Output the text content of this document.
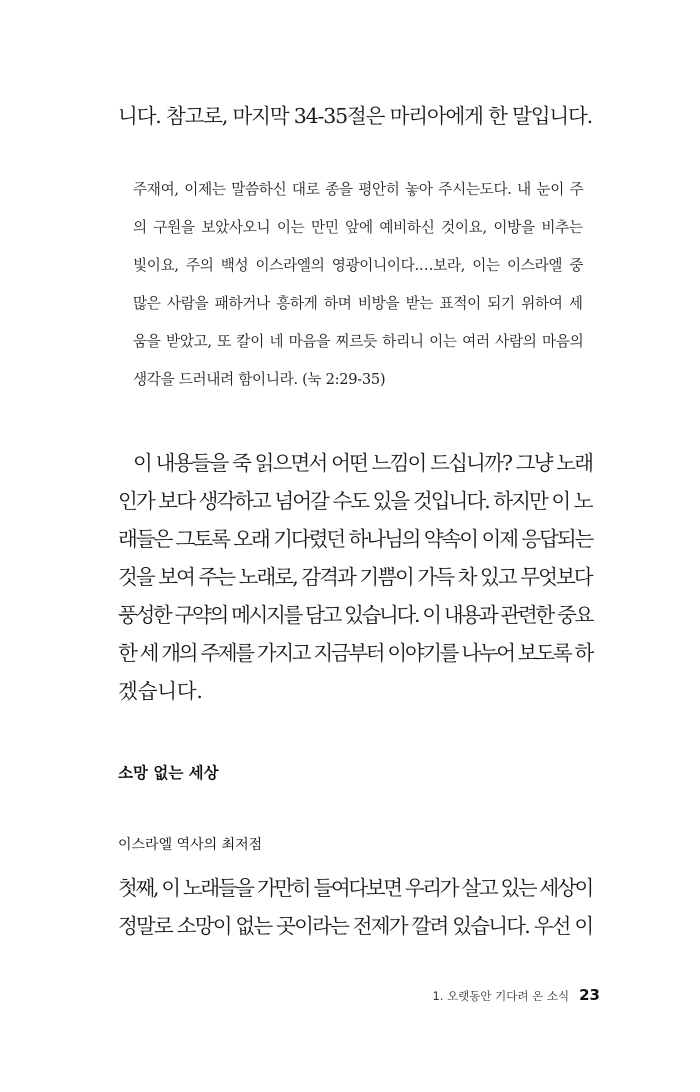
니다. 참고로, 마지막 34-35절은 마리아에게 한 말입니다.

주재여, 이제는 말씀하신 대로 종을 평안히 놓아 주시는도다. 내 눈이 주

의 구원을 보았사오니 이는 만민 앞에 예비하신 것이요, 이방을 비추는

빛이요, 주의 백성 이스라엘의 영광이니이다.…보라, 이는 이스라엘 중

많은 사람을 패하거나 흥하게 하며 비방을 받는 표적이 되기 위하여 세

움을 받았고, 또 칼이 네 마음을 찌르듯 하리니 이는 여러 사람의 마음의

생각을 드러내려 함이니라. (눅 2:29-35)

이 내용들을 죽 읽으면서 어떤 느낌이 드십니까? 그냥 노래

인가 보다 생각하고 넘어갈 수도 있을 것입니다. 하지만 이 노

래들은 그토록 오래 기다렸던 하나님의 약속이 이제 응답되는

것을 보여 주는 노래로, 감격과 기쁨이 가득 차 있고 무엇보다

풍성한 구약의 메시지를 담고 있습니다. 이 내용과 관련한 중요

한 세 개의 주제를 가지고 지금부터 이야기를 나누어 보도록 하

겠습니다.

소망 없는 세상
이스라엘 역사의 최저점

첫째, 이 노래들을 가만히 들여다보면 우리가 살고 있는 세상이

정말로 소망이 없는 곳이라는 전제가 깔려 있습니다. 우선 이

1. 오랫동안 기다려 온 소식 23
